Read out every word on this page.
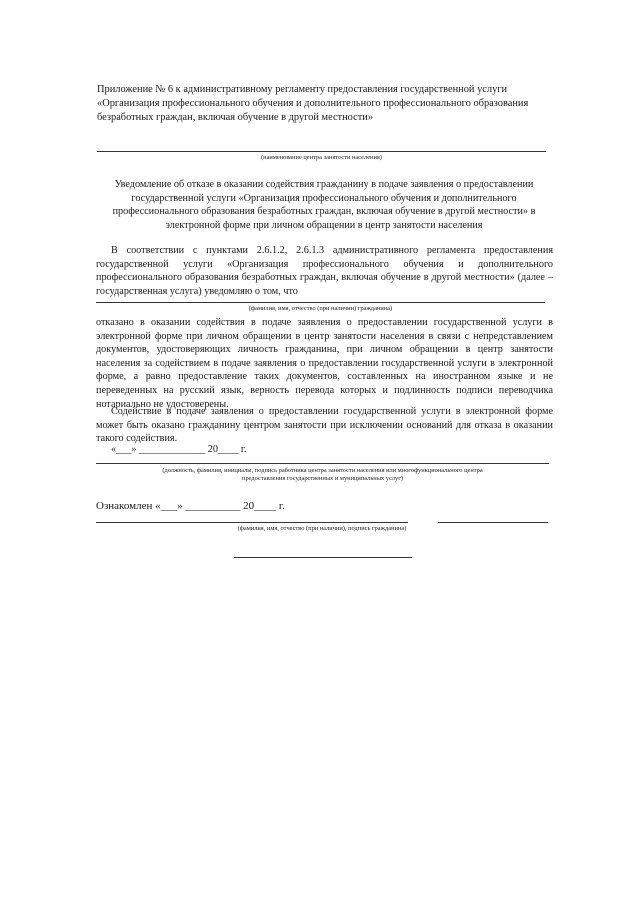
Приложение № 6 к административному регламенту предоставления государственной услуги
«Организация профессионального обучения и дополнительного профессионального образования
безработных граждан, включая обучение в другой местности»
(наименование центра занятости населения)
Уведомление об отказе в оказании содействия гражданину в подаче заявления о предоставлении
государственной услуги «Организация профессионального обучения и дополнительного
профессионального образования безработных граждан, включая обучение в другой местности» в
электронной форме при личном обращении в центр занятости населения
В соответствии с пунктами 2.6.1.2, 2.6.1.3 административного регламента предоставления государственной услуги «Организация профессионального обучения и дополнительного профессионального образования безработных граждан, включая обучение в другой местности» (далее – государственная услуга) уведомляю о том, что
(фамилия, имя, отчество (при наличии) гражданина)
отказано в оказании содействия в подаче заявления о предоставлении государственной услуги в электронной форме при личном обращении в центр занятости населения в связи с непредставлением документов, удостоверяющих личность гражданина, при личном обращении в центр занятости населения за содействием в подаче заявления о предоставлении государственной услуги в электронной форме, а равно предоставление таких документов, составленных на иностранном языке и не переведенных на русский язык, верность перевода которых и подлинность подписи переводчика нотариально не удостоверены.
Содействие в подаче заявления о предоставлении государственной услуги в электронной форме может быть оказано гражданину центром занятости при исключении оснований для отказа в оказании такого содействия.
«___» _____________ 20____ г.
(должность, фамилия, инициалы, подпись работника центра занятости населения или многофункционального центра
предоставления государственных и муниципальных услуг)
Ознакомлен «___» __________ 20____ г.
(фамилия, имя, отчество (при наличии), подпись гражданина)
